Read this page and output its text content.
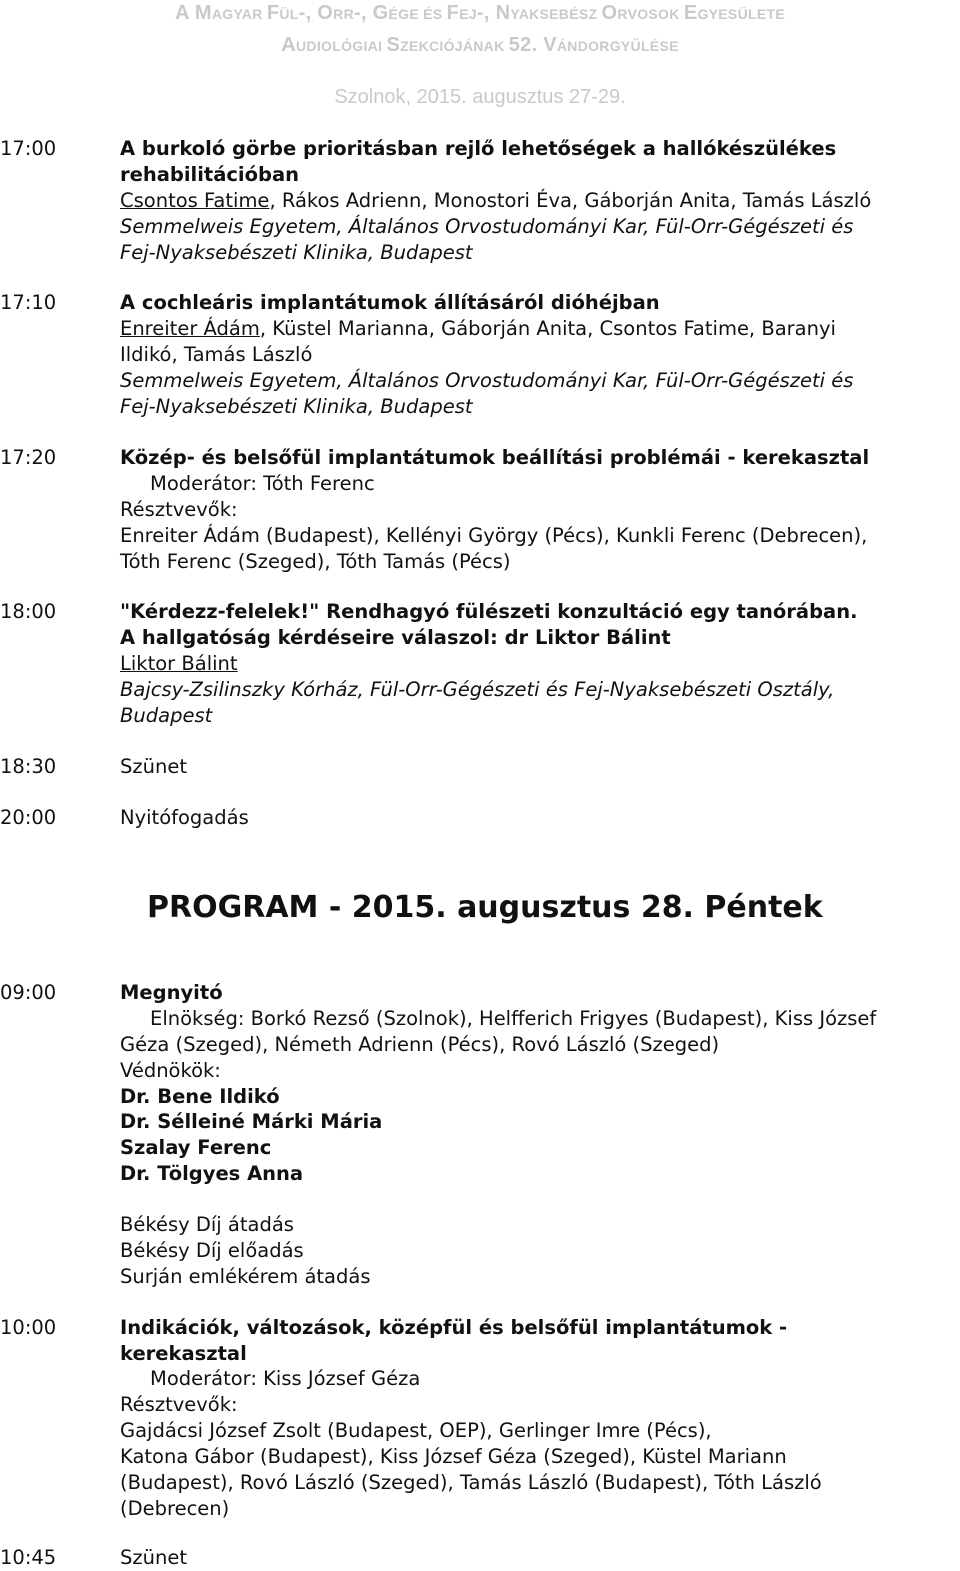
A MAGYAR FÜL-, ORR-, GÉGE ÉS FEJ-, NYAKSEBÉSZ ORVOSOK EGYESÜLETE
AUDIOLÓGIAI SZEKCIÓJÁNAK 52. VÁNDORGYŰLÉSE
Szolnok, 2015. augusztus 27-29.
17:00	A burkoló görbe prioritásban rejlő lehetőségek a hallókészülékes
rehabilitációban
Csontos Fatime, Rákos Adrienn, Monostori Éva, Gáborján Anita, Tamás László
Semmelweis Egyetem, Általános Orvostudományi Kar, Fül-Orr-Gégészeti és
Fej-Nyaksebészeti Klinika, Budapest
17:10	A cochleáris implantátumok állításáról dióhéjban
Enreiter Ádám, Küstel Marianna, Gáborján Anita, Csontos Fatime, Baranyi
Ildikó, Tamás László
Semmelweis Egyetem, Általános Orvostudományi Kar, Fül-Orr-Gégészeti és
Fej-Nyaksebészeti Klinika, Budapest
17:20	Közép- és belsőfül implantátumok beállítási problémái - kerekasztal
Moderátor: Tóth Ferenc
Résztvevők:
Enreiter Ádám (Budapest), Kellényi György (Pécs), Kunkli Ferenc (Debrecen),
Tóth Ferenc (Szeged), Tóth Tamás (Pécs)
18:00	"Kérdezz-felelek!" Rendhagyó fülészeti konzultáció egy tanórában.
A hallgatóság kérdéseire válaszol: dr Liktor Bálint
Liktor Bálint
Bajcsy-Zsilinszky Kórház, Fül-Orr-Gégészeti és Fej-Nyaksebészeti Osztály,
Budapest
18:30	Szünet
20:00	Nyitófogadás
09:00	Megnyitó
Elnökség: Borkó Rezső (Szolnok), Helfferich Frigyes (Budapest), Kiss József
Géza (Szeged), Németh Adrienn (Pécs), Rovó László (Szeged)
Védnökök:
Dr. Bene Ildikó
Dr. Sélleiné Márki Mária
Szalay Ferenc
Dr. Tölgyes Anna
Békésy Díj átadás
Békésy Díj előadás
Surján emlékérem átadás
10:00	Indikációk, változások, középfül és belsőfül implantátumok -
kerekasztal
Moderátor: Kiss József Géza
Résztvevők:
Gajdácsi József Zsolt (Budapest, OEP), Gerlinger Imre (Pécs),
Katona Gábor (Budapest), Kiss József Géza (Szeged), Küstel Mariann
(Budapest), Rovó László (Szeged), Tamás László (Budapest), Tóth László
(Debrecen)
10:45	Szünet
PROGRAM - 2015. augusztus 28. Péntek
